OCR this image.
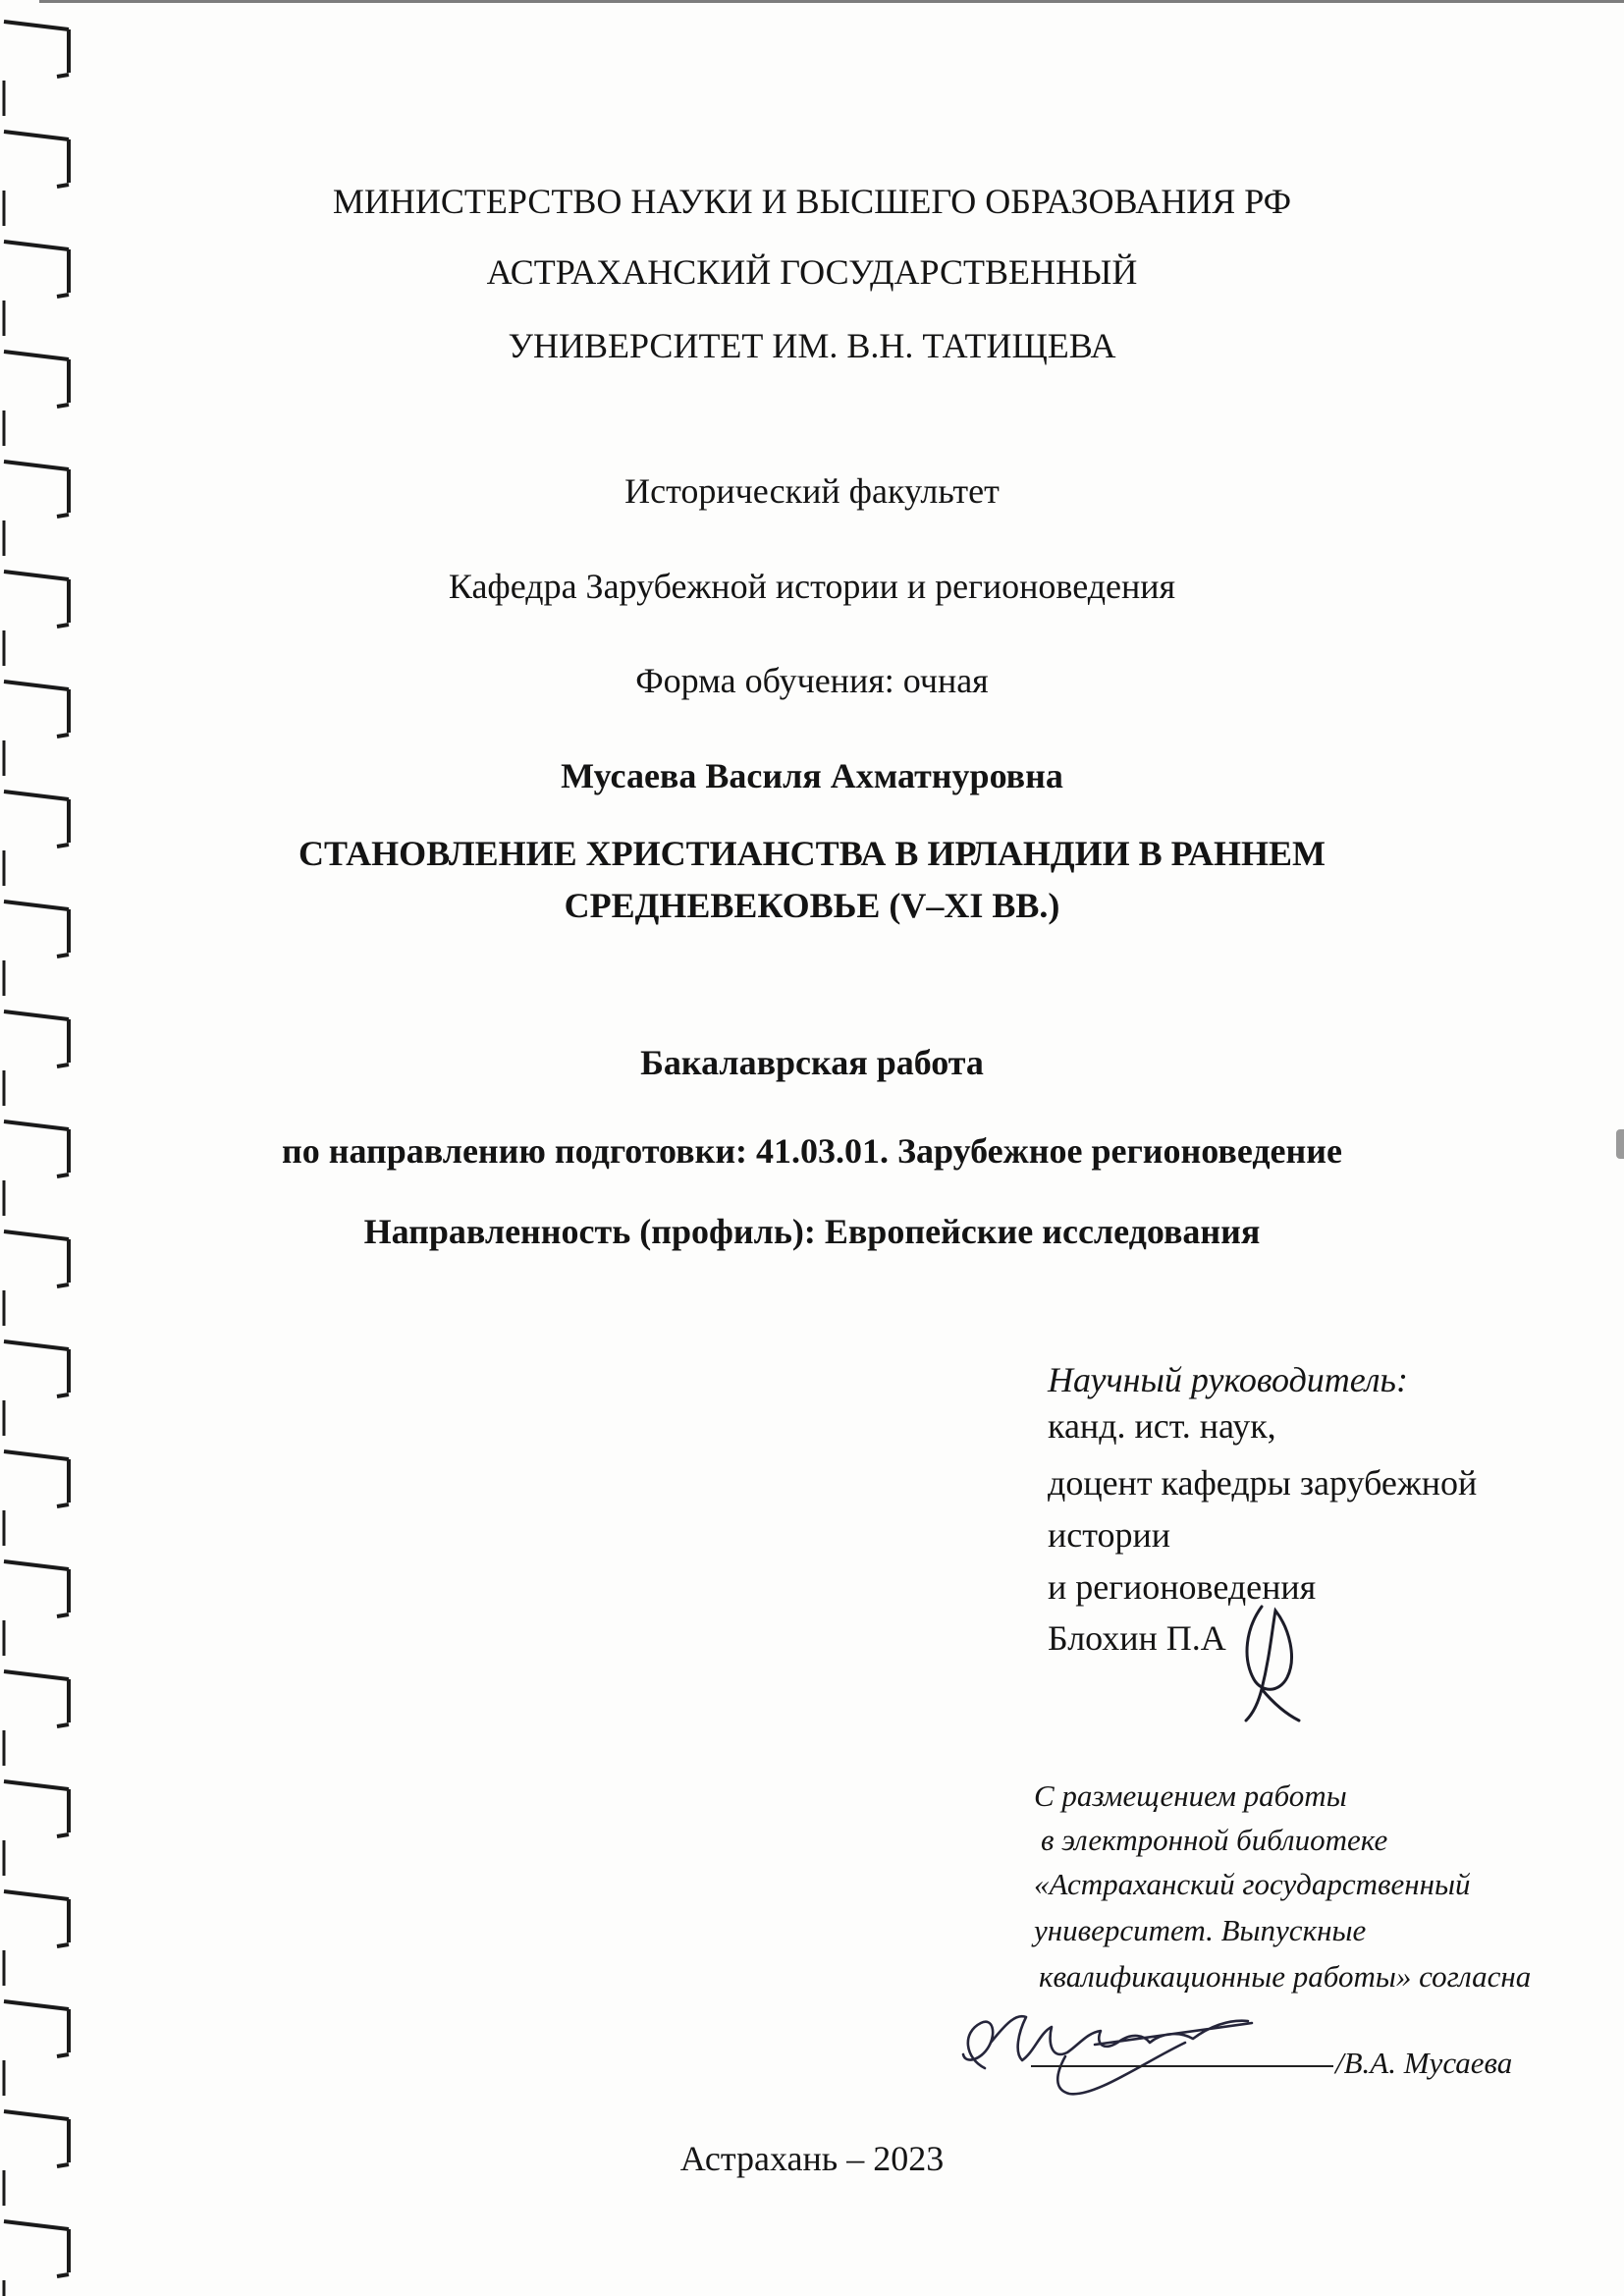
МИНИСТЕРСТВО НАУКИ И ВЫСШЕГО ОБРАЗОВАНИЯ РФ
АСТРАХАНСКИЙ ГОСУДАРСТВЕННЫЙ
УНИВЕРСИТЕТ ИМ. В.Н. ТАТИЩЕВА
Исторический факультет
Кафедра Зарубежной истории и регионоведения
Форма обучения: очная
Мусаева Василя Ахматнуровна
СТАНОВЛЕНИЕ ХРИСТИАНСТВА В ИРЛАНДИИ В РАННЕМ
СРЕДНЕВЕКОВЬЕ (V–XI ВВ.)
Бакалаврская работа
по направлению подготовки: 41.03.01. Зарубежное регионоведение
Направленность (профиль): Европейские исследования
Научный руководитель:
канд. ист. наук,
доцент кафедры зарубежной
истории
и регионоведения
Блохин П.А
С размещением работы
в электронной библиотеке
«Астраханский государственный
университет. Выпускные
квалификационные работы» согласна
/В.А. Мусаева
Астрахань – 2023
